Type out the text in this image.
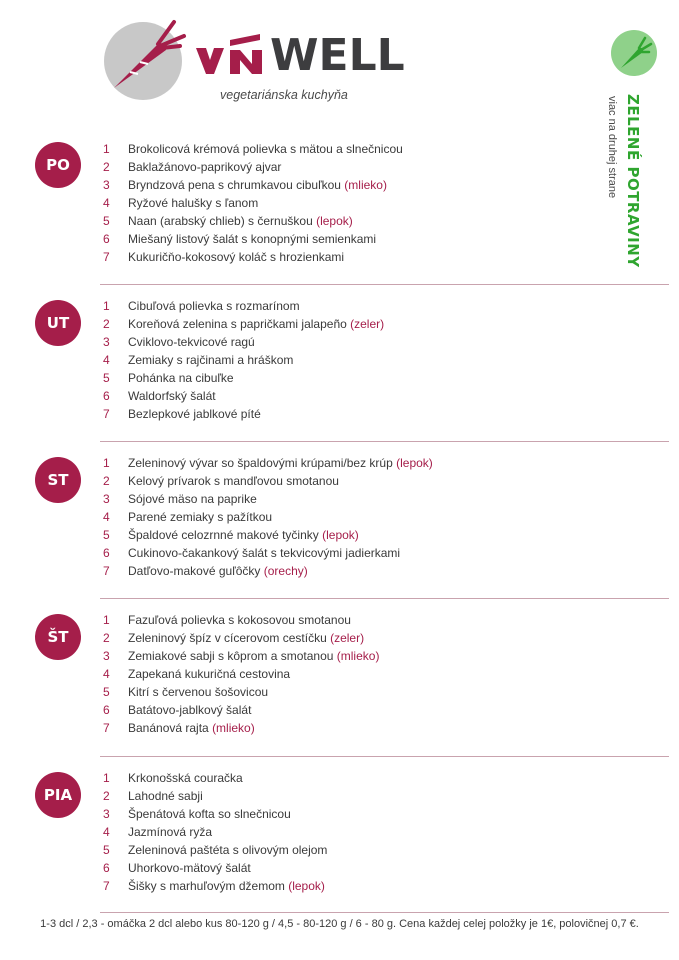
WELL
vegetariánska kuchyňa	ZELENÉ POTRAVINY
viac na druhej strane
PO
1 Brokolicová krémová polievka s mätou a slnečnicou
2 Baklažánovo-paprikový ajvar
3 Bryndzová pena s chrumkavou cibuľkou (mlieko)
4 Ryžové halušky s ľanom
5 Naan (arabský chlieb) s černuškou (lepok)
6 Miešaný listový šalát s konopnými semienkami
7 Kukuričňo-kokosový koláč s hrozienkami
UT
1 Cibuľová polievka s rozmarínom
2 Koreňová zelenina s papričkami jalapeño (zeler)
3 Cviklovo-tekvicové ragú
4 Zemiaky s rajčinami a hráškom
5 Pohánka na cibuľke
6 Waldorfský šalát
7 Bezlepkové jablkové píté
ST
1 Zeleninový vývar so špaldovými krúpami/bez krúp (lepok)
2 Kelový prívarok s mandľovou smotanou
3 Sójové mäso na paprike
4 Parené zemiaky s pažítkou
5 Špaldové celozrnné makové tyčinky (lepok)
6 Cukinovo-čakankový šalát s tekvicovými jadierkami
7 Datľovo-makové guľôčky (orechy)
ŠT
1 Fazuľová polievka s kokosovou smotanou
2 Zeleninový špíz v cícerovom cestíčku (zeler)
3 Zemiakové sabji s kôprom a smotanou (mlieko)
4 Zapekaná kukuričná cestovina
5 Kitrí s červenou šošovicou
6 Batátovo-jablkový šalát
7 Banánová rajta (mlieko)
PIA
1 Krkonošská couračka
2 Lahodné sabji
3 Špenátová kofta so slnečnicou
4 Jazmínová ryža
5 Zeleninová paštéta s olivovým olejom
6 Uhorkovo-mätový šalát
7 Šišky s marhuľovým džemom (lepok)
1-3 dcl / 2,3 - omáčka 2 dcl alebo kus 80-120 g / 4,5 - 80-120 g / 6 - 80 g. Cena každej celej položky je 1€, polovičnej 0,7 €.
